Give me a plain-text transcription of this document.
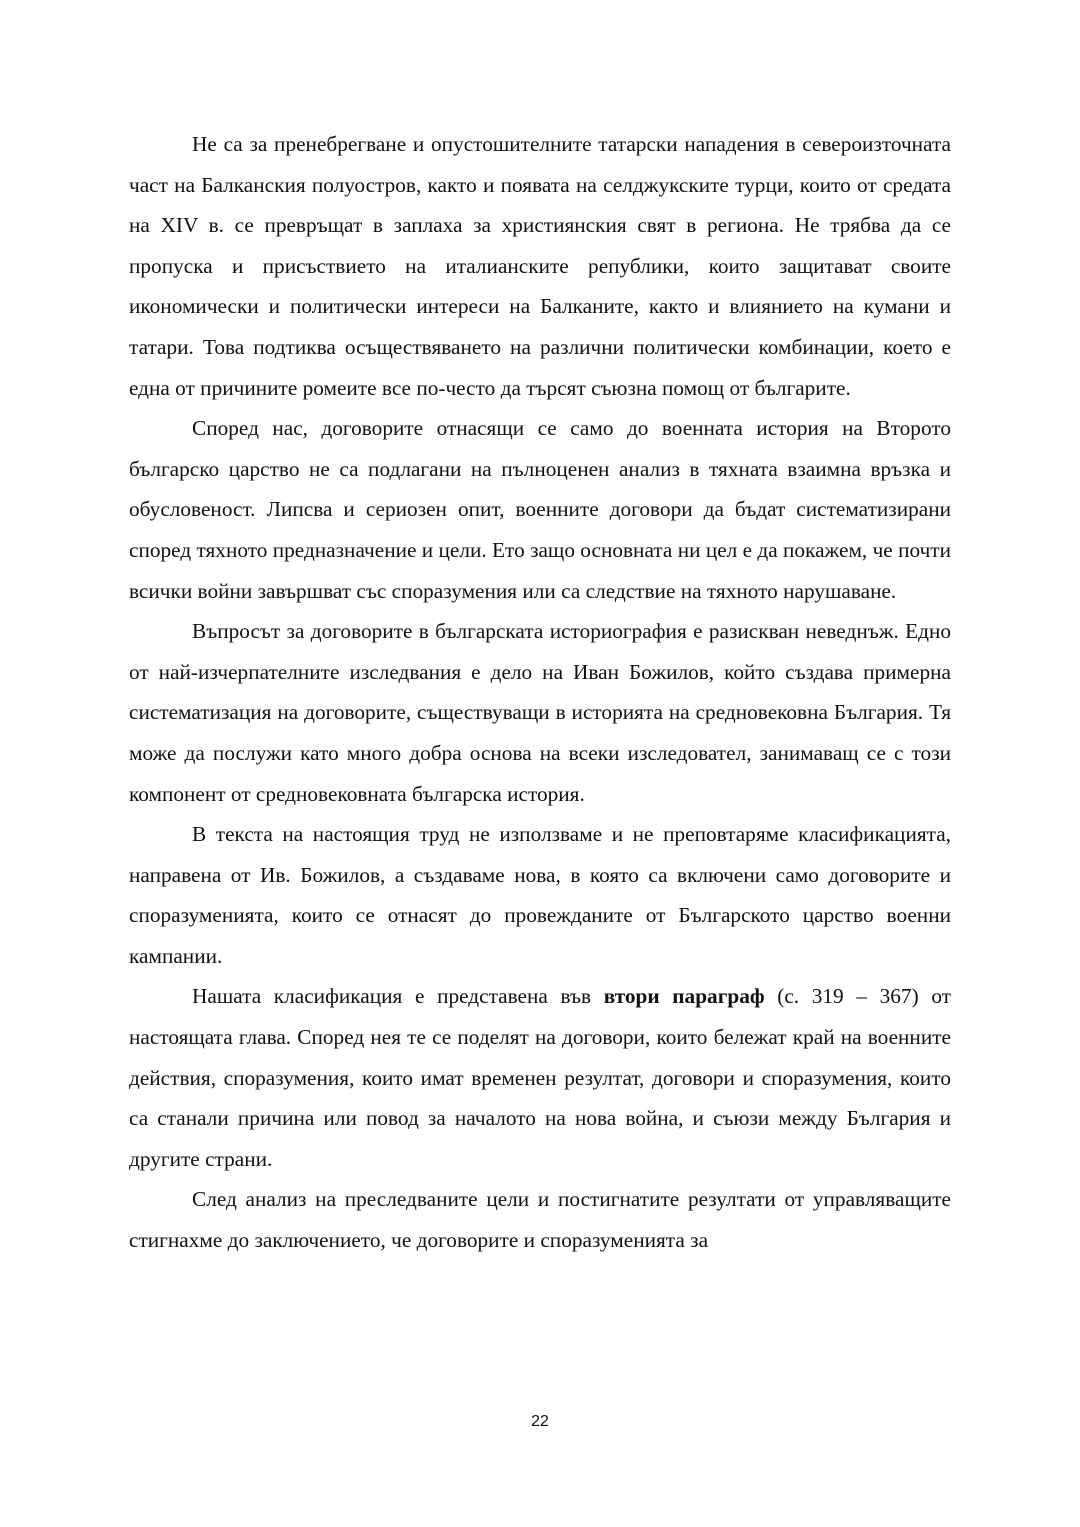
Не са за пренебрегване и опустошителните татарски нападения в североизточната част на Балканския полуостров, както и появата на селджукските турци, които от средата на XIV в. се превръщат в заплаха за християнския свят в региона. Не трябва да се пропуска и присъствието на италианските републики, които защитават своите икономически и политически интереси на Балканите, както и влиянието на кумани и татари. Това подтиква осъществяването на различни политически комбинации, което е една от причините ромеите все по-често да търсят съюзна помощ от българите.

Според нас, договорите отнасящи се само до военната история на Второто българско царство не са подлагани на пълноценен анализ в тяхната взаимна връзка и обусловеност. Липсва и сериозен опит, военните договори да бъдат систематизирани според тяхното предназначение и цели. Ето защо основната ни цел е да покажем, че почти всички войни завършват със споразумения или са следствие на тяхното нарушаване.

Въпросът за договорите в българската историография е разискван неведнъж. Едно от най-изчерпателните изследвания е дело на Иван Божилов, който създава примерна систематизация на договорите, съществуващи в историята на средновековна България. Тя може да послужи като много добра основа на всеки изследовател, занимаващ се с този компонент от средновековната българска история.

В текста на настоящия труд не използваме и не преповтаряме класификацията, направена от Ив. Божилов, а създаваме нова, в която са включени само договорите и споразуменията, които се отнасят до провежданите от Българското царство военни кампании.

Нашата класификация е представена във втори параграф (с. 319 – 367) от настоящата глава. Според нея те се поделят на договори, които бележат край на военните действия, споразумения, които имат временен резултат, договори и споразумения, които са станали причина или повод за началото на нова война, и съюзи между България и другите страни.

След анализ на преследваните цели и постигнатите резултати от управляващите стигнахме до заключението, че договорите и споразуменията за

22
